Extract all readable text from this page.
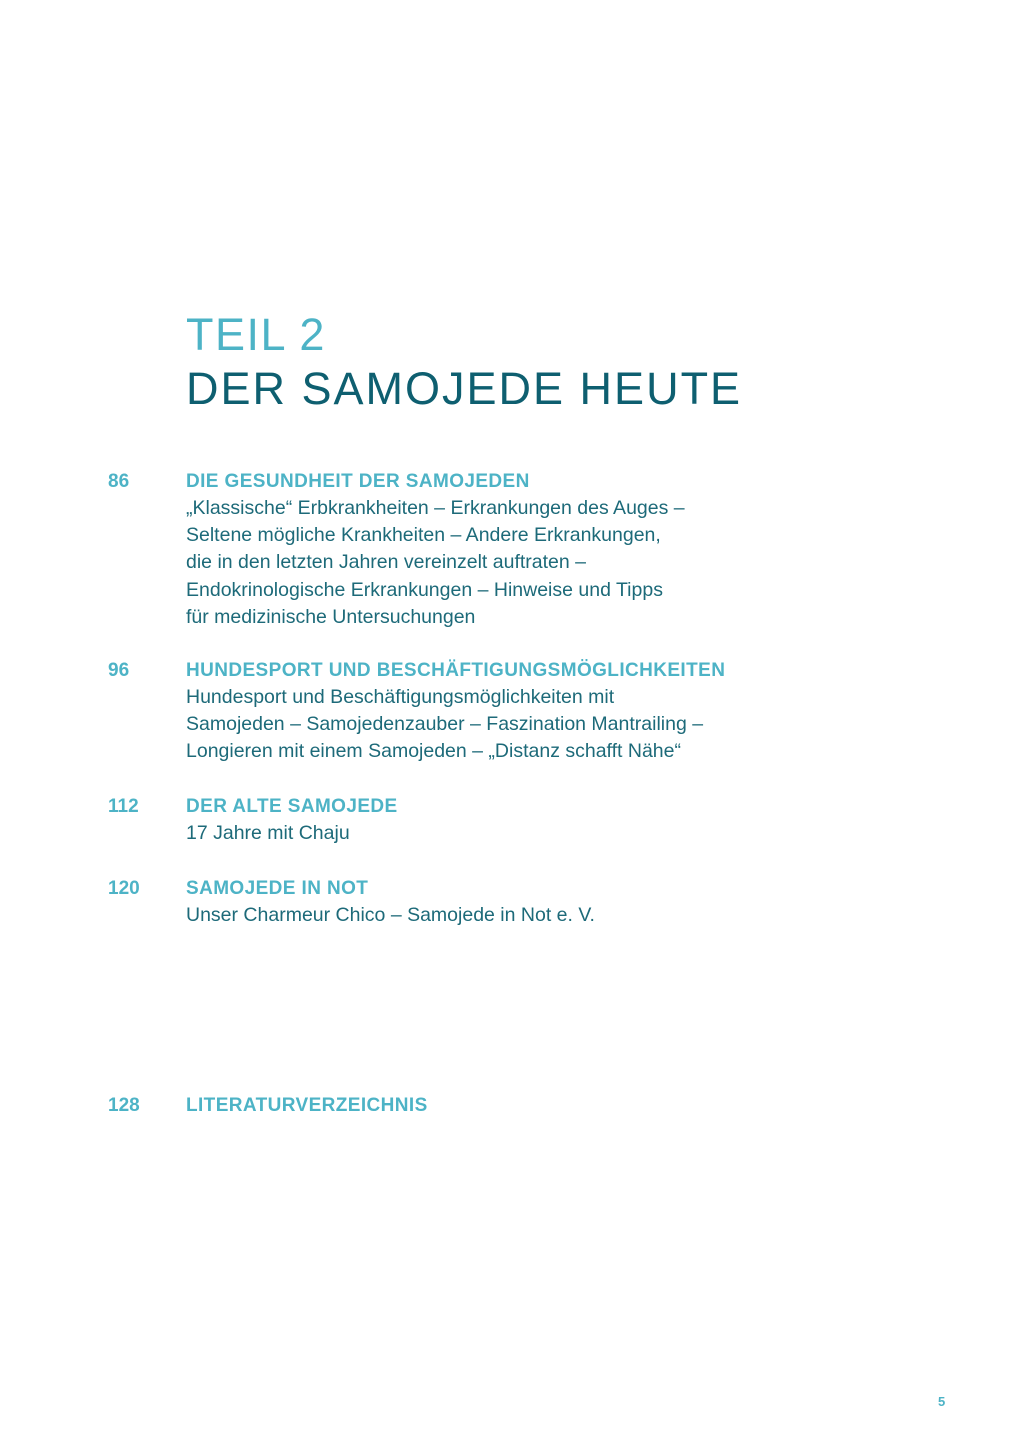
TEIL 2
DER SAMOJEDE HEUTE
86	DIE GESUNDHEIT DER SAMOJEDEN
„Klassische“ Erbkrankheiten – Erkrankungen des Auges –
Seltene mögliche Krankheiten – Andere Erkrankungen,
die in den letzten Jahren vereinzelt auftraten –
Endokrinologische Erkrankungen – Hinweise und Tipps
für medizinische Untersuchungen
96	HUNDESPORT UND BESCHÄFTIGUNGSMÖGLICHKEITEN
Hundesport und Beschäftigungsmöglichkeiten mit
Samojeden – Samojedenzauber – Faszination Mantrailing –
Longieren mit einem Samojeden – „Distanz schafft Nähe“
112 DER ALTE SAMOJEDE
17 Jahre mit Chaju
120 SAMOJEDE IN NOT
Unser Charmeur Chico – Samojede in Not e. V.
128 LITERATURVERZEICHNIS
5
